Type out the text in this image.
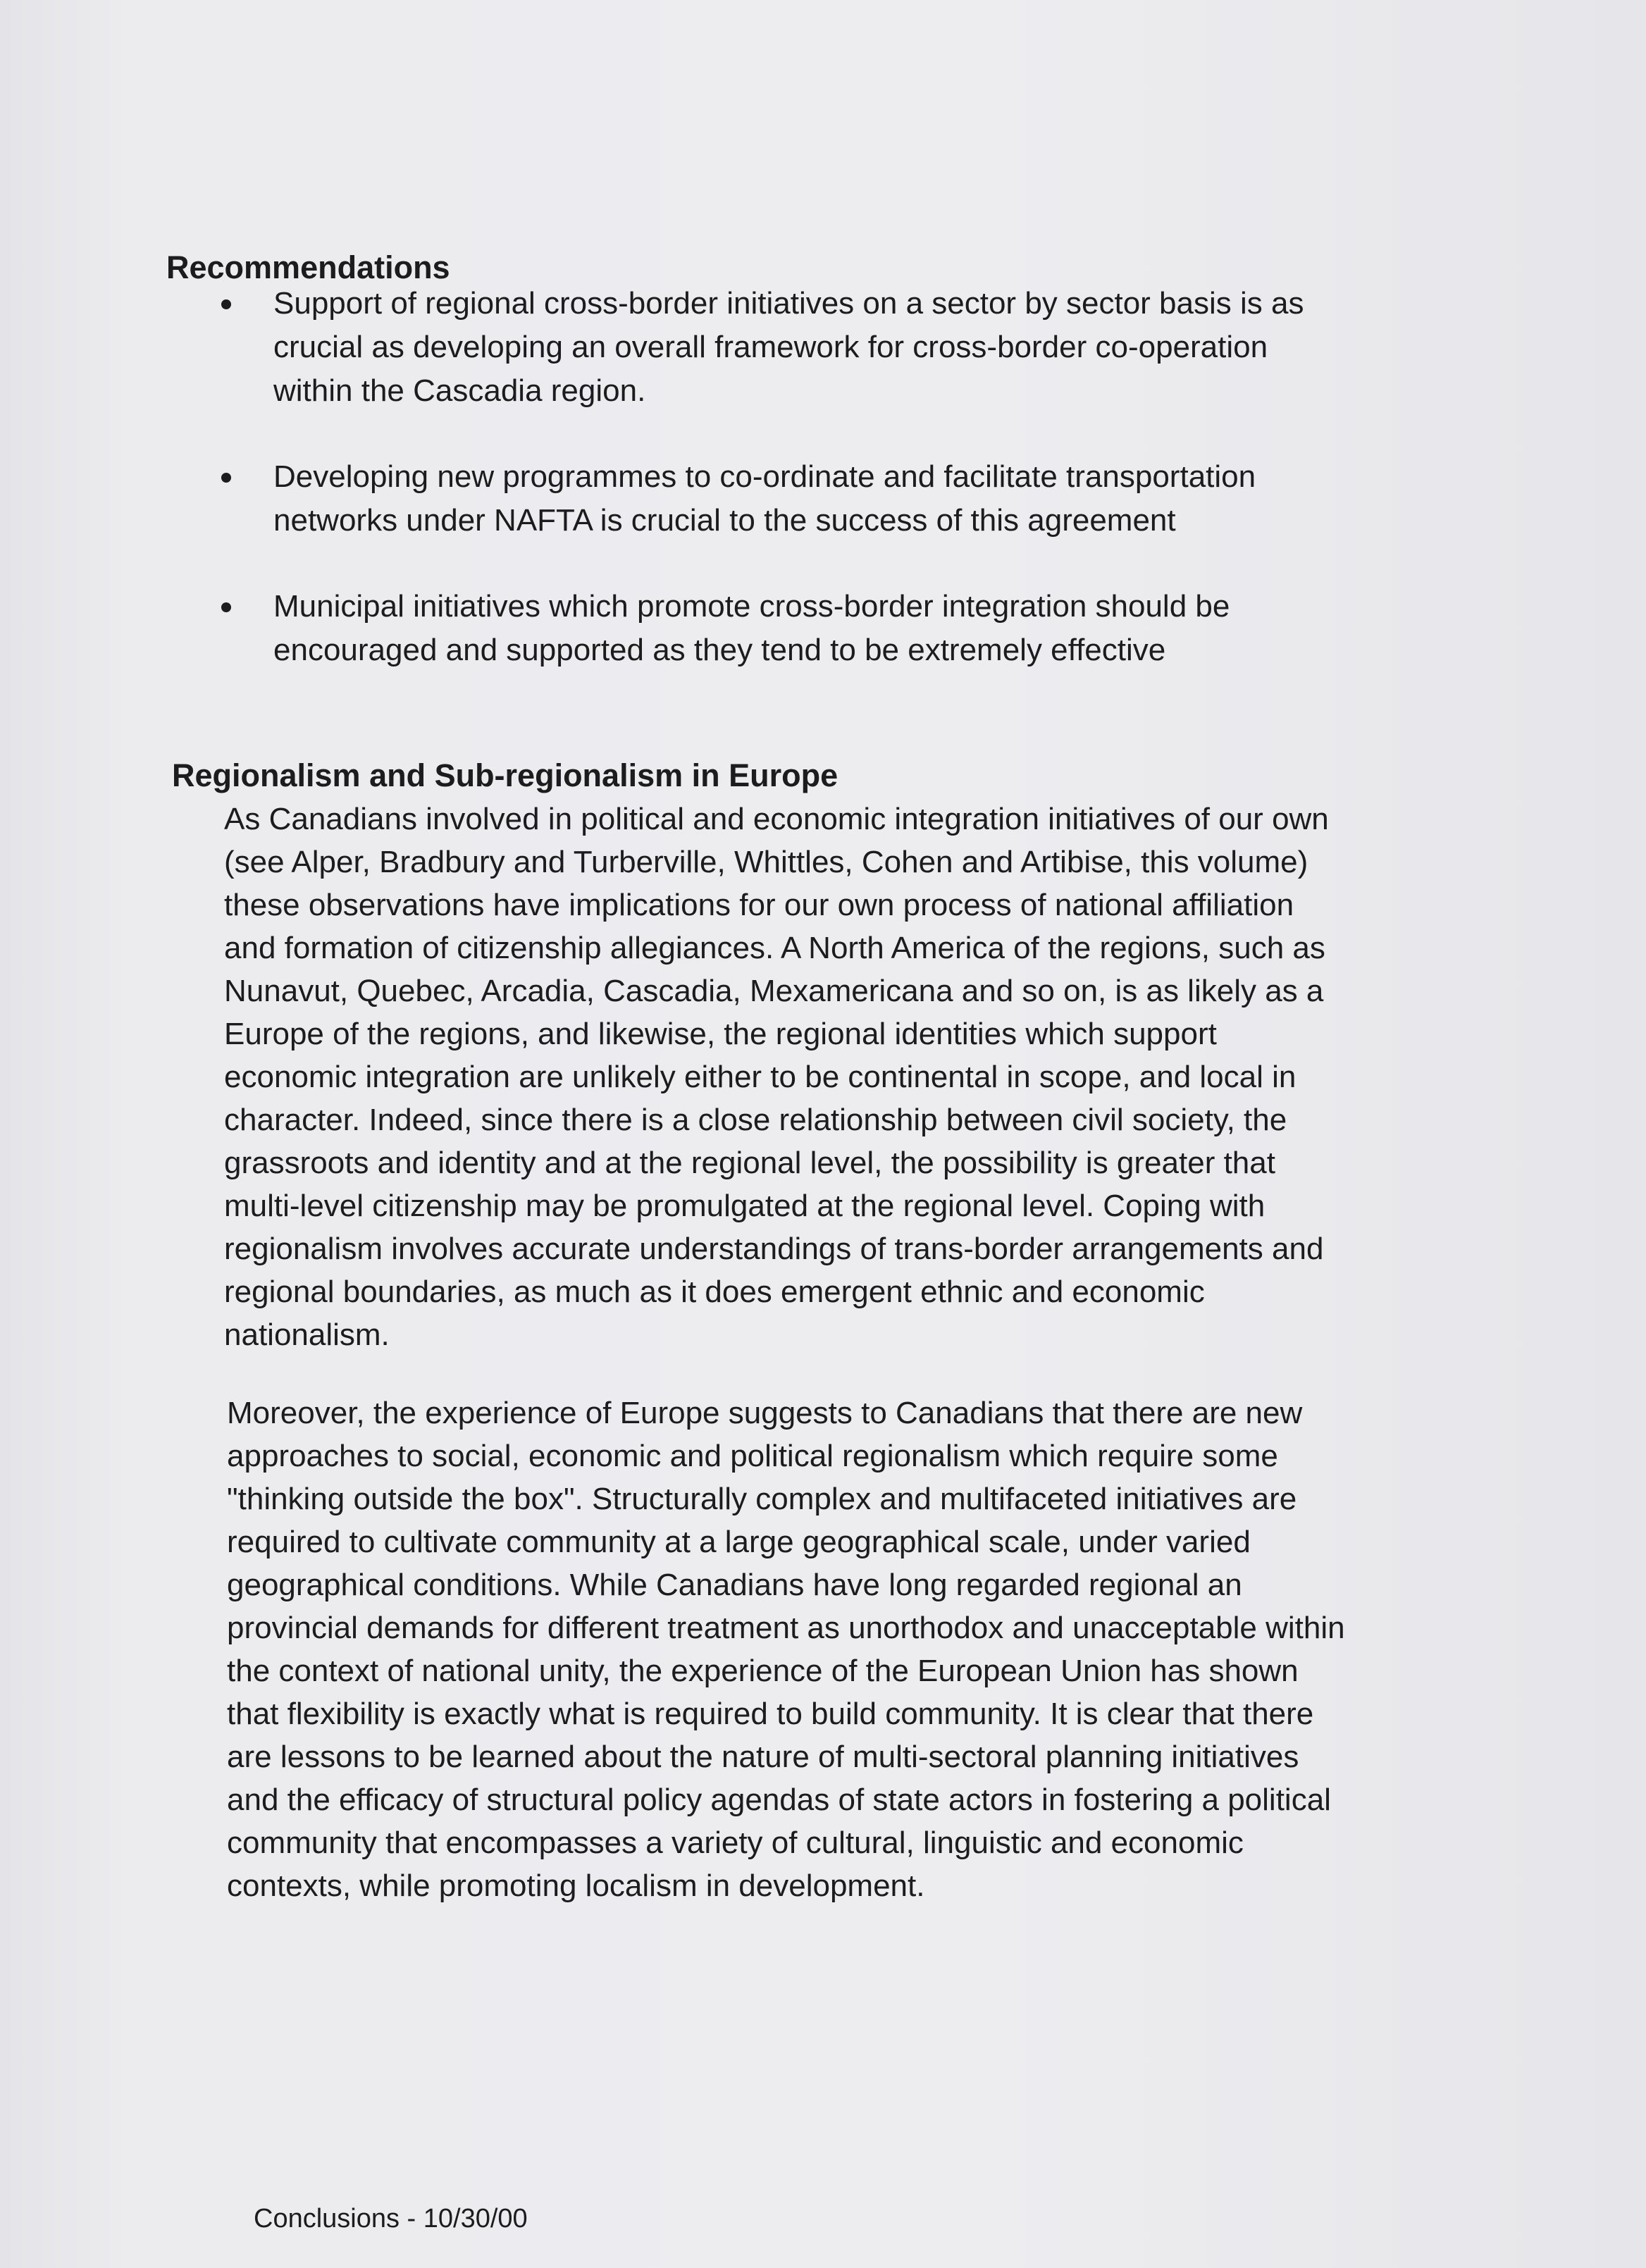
Recommendations
Support of regional cross-border initiatives on a sector by sector basis is as
crucial as developing an overall framework for cross-border co-operation
within the Cascadia region.
Developing new programmes to co-ordinate and facilitate transportation
networks under NAFTA is crucial to the success of this agreement
Municipal initiatives which promote cross-border integration should be
encouraged and supported as they tend to be extremely effective
Regionalism and Sub-regionalism in Europe

As Canadians involved in political and economic integration initiatives of our own
(see Alper, Bradbury and Turberville, Whittles, Cohen and Artibise, this volume)
these observations have implications for our own process of national affiliation
and formation of citizenship allegiances. A North America of the regions, such as
Nunavut, Quebec, Arcadia, Cascadia, Mexamericana and so on, is as likely as a
Europe of the regions, and likewise, the regional identities which support
economic integration are unlikely either to be continental in scope, and local in
character. Indeed, since there is a close relationship between civil society, the
grassroots and identity and at the regional level, the possibility is greater that
multi-level citizenship may be promulgated at the regional level. Coping with
regionalism involves accurate understandings of trans-border arrangements and
regional boundaries, as much as it does emergent ethnic and economic
nationalism.

Moreover, the experience of Europe suggests to Canadians that there are new
approaches to social, economic and political regionalism which require some
"thinking outside the box". Structurally complex and multifaceted initiatives are
required to cultivate community at a large geographical scale, under varied
geographical conditions. While Canadians have long regarded regional an
provincial demands for different treatment as unorthodox and unacceptable within
the context of national unity, the experience of the European Union has shown
that flexibility is exactly what is required to build community. It is clear that there
are lessons to be learned about the nature of multi-sectoral planning initiatives
and the efficacy of structural policy agendas of state actors in fostering a political
community that encompasses a variety of cultural, linguistic and economic
contexts, while promoting localism in development.

Conclusions - 10/30/00
